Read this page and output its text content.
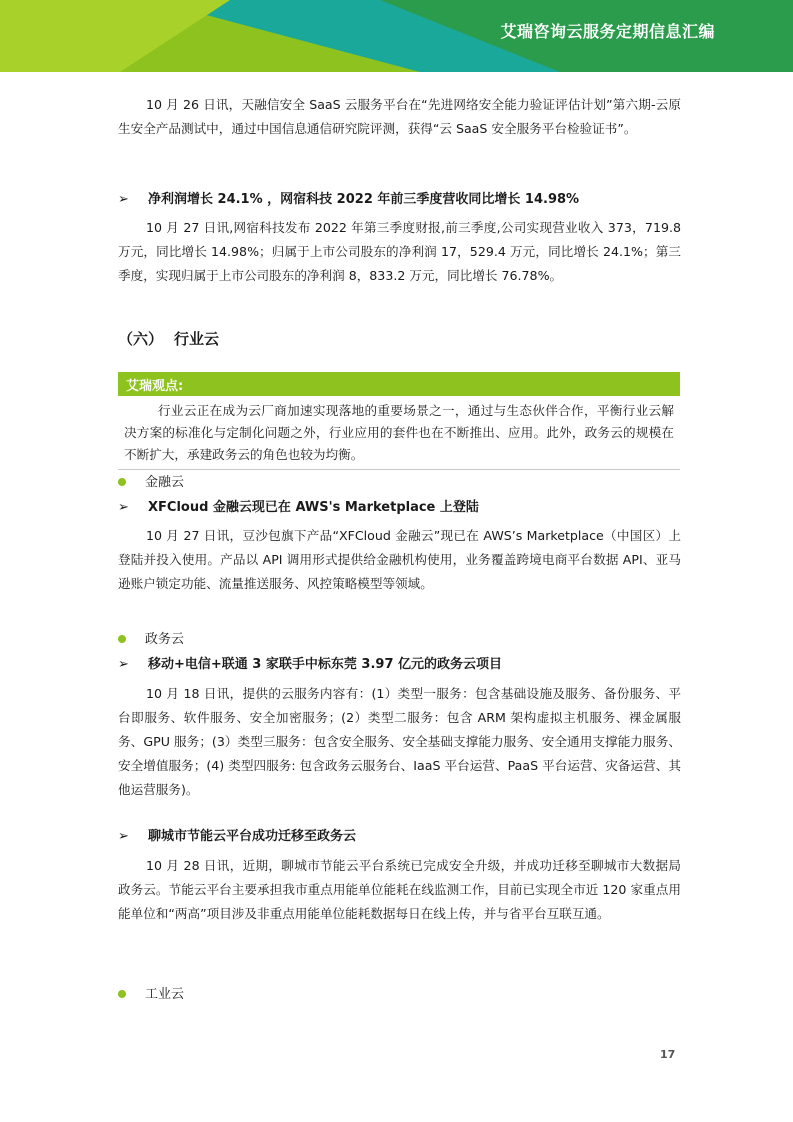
艾瑞咨询云服务定期信息汇编
10 月 26 日讯，天融信安全 SaaS 云服务平台在“先进网络安全能力验证评估计划”第六期-云原生安全产品测试中，通过中国信息通信研究院评测，获得“云 SaaS 安全服务平台检验证书”。
➢ 净利润增长 24.1% ，网宿科技 2022 年前三季度营收同比增长 14.98%
10 月 27 日讯,网宿科技发布 2022 年第三季度财报,前三季度,公司实现营业收入 373，719.8 万元，同比增长 14.98%；归属于上市公司股东的净利润 17，529.4 万元，同比增长 24.1%；第三季度，实现归属于上市公司股东的净利润 8，833.2 万元，同比增长 76.78%。
（六） 行业云
艾瑞观点:
行业云正在成为云厂商加速实现落地的重要场景之一，通过与生态伙伴合作，平衡行业云解决方案的标准化与定制化问题之外，行业应用的套件也在不断推出、应用。此外，政务云的规模在不断扩大，承建政务云的角色也较为均衡。
金融云
➢ XFCloud 金融云现已在 AWS's Marketplace 上登陆
10 月 27 日讯，豆沙包旗下产品“XFCloud 金融云”现已在 AWS’s Marketplace（中国区）上登陆并投入使用。产品以 API 调用形式提供给金融机构使用，业务覆盖跨境电商平台数据 API、亚马逊账户锁定功能、流量推送服务、风控策略模型等领域。
政务云
➢ 移动+电信+联通 3 家联手中标东莞 3.97 亿元的政务云项目
10 月 18 日讯，提供的云服务内容有：(1）类型一服务：包含基础设施及服务、备份服务、平台即服务、软件服务、安全加密服务；(2）类型二服务：包含 ARM 架构虚拟主机服务、裸金属服务、GPU 服务；(3）类型三服务：包含安全服务、安全基础支撑能力服务、安全通用支撑能力服务、安全增值服务；(4) 类型四服务: 包含政务云服务台、IaaS 平台运营、PaaS 平台运营、灾备运营、其他运营服务)。
➢ 聊城市节能云平台成功迁移至政务云
10 月 28 日讯，近期，聊城市节能云平台系统已完成安全升级，并成功迁移至聊城市大数据局政务云。节能云平台主要承担我市重点用能单位能耗在线监测工作，目前已实现全市近 120 家重点用能单位和“两高”项目涉及非重点用能单位能耗数据每日在线上传，并与省平台互联互通。
工业云
17
